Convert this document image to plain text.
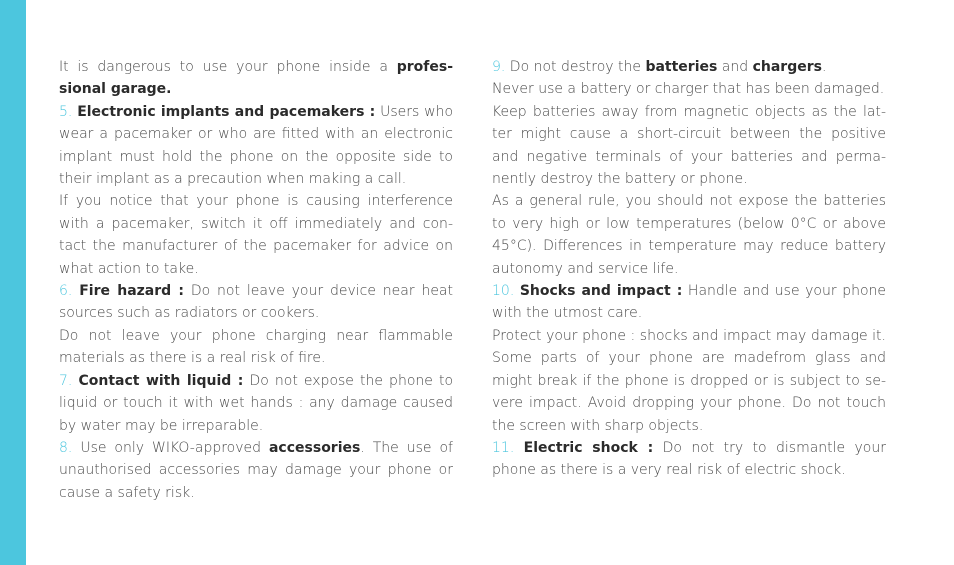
It is dangerous to use your phone inside a professional garage.

5. Electronic implants and pacemakers : Users who wear a pacemaker or who are fitted with an electronic implant must hold the phone on the opposite side to their implant as a precaution when making a call.

If you notice that your phone is causing interference with a pacemaker, switch it off immediately and contact the manufacturer of the pacemaker for advice on what action to take.

6. Fire hazard : Do not leave your device near heat sources such as radiators or cookers.

Do not leave your phone charging near flammable materials as there is a real risk of fire.

7. Contact with liquid : Do not expose the phone to liquid or touch it with wet hands : any damage caused by water may be irreparable.

8. Use only WIKO-approved accessories. The use of unauthorised accessories may damage your phone or cause a safety risk.

9. Do not destroy the batteries and chargers.

Never use a battery or charger that has been damaged.

Keep batteries away from magnetic objects as the latter might cause a short-circuit between the positive and negative terminals of your batteries and permanently destroy the battery or phone.

As a general rule, you should not expose the batteries to very high or low temperatures (below 0°C or above 45°C). Differences in temperature may reduce battery autonomy and service life.

10. Shocks and impact : Handle and use your phone with the utmost care.

Protect your phone : shocks and impact may damage it. Some parts of your phone are madefrom glass and might break if the phone is dropped or is subject to severe impact. Avoid dropping your phone. Do not touch the screen with sharp objects.

11. Electric shock : Do not try to dismantle your phone as there is a very real risk of electric shock.
